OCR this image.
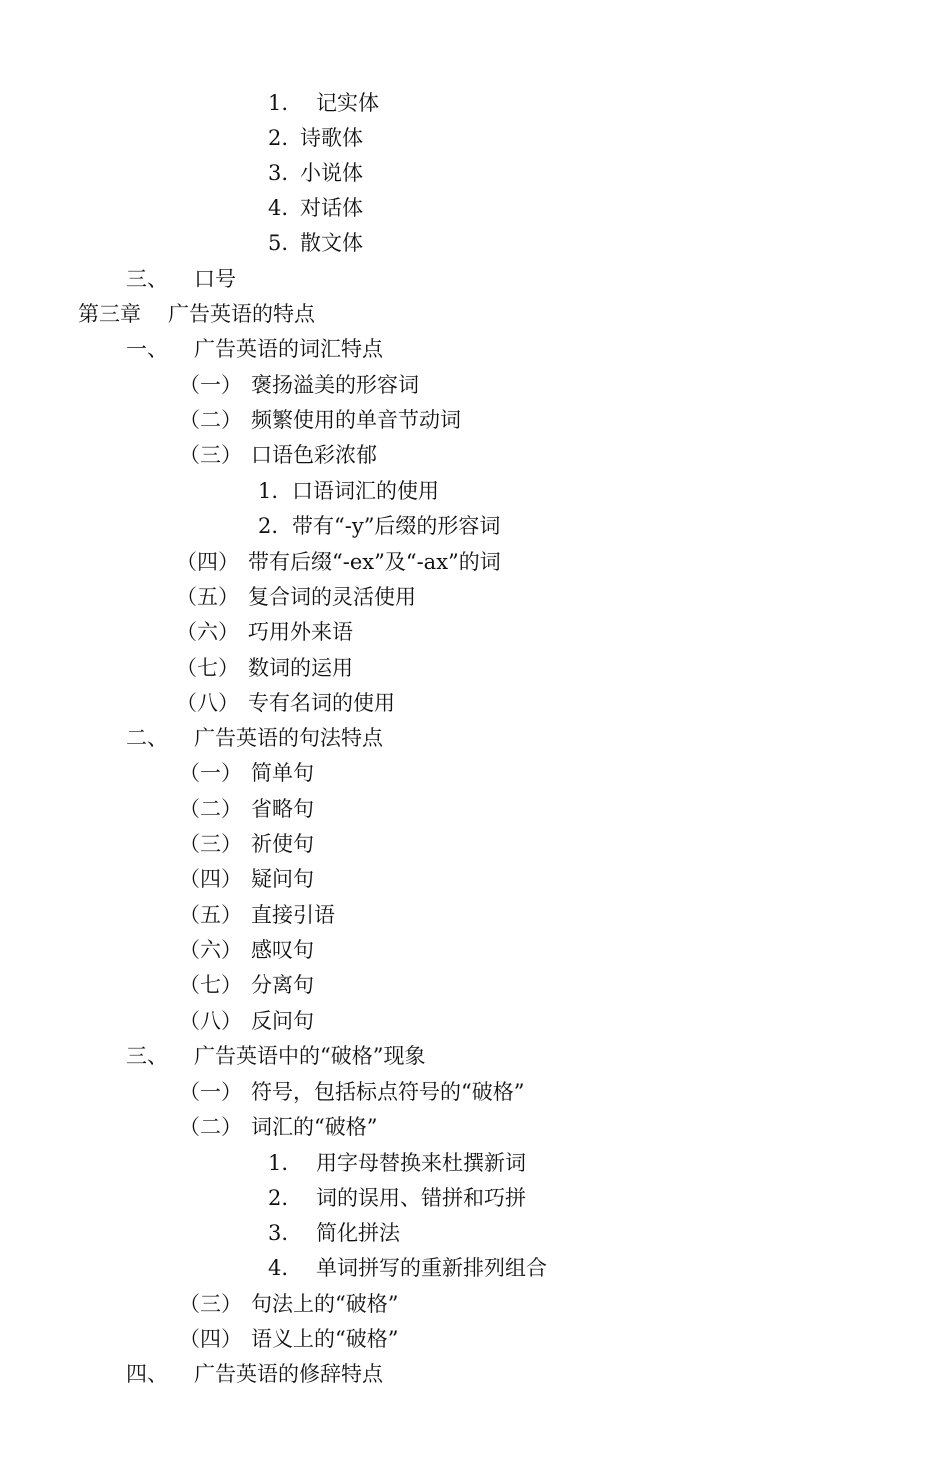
1. 记实体
2. 诗歌体
3. 小说体
4. 对话体
5. 散文体
三、 口号
第三章 广告英语的特点
一、 广告英语的词汇特点
（一） 褒扬溢美的形容词
（二） 频繁使用的单音节动词
（三） 口语色彩浓郁
1. 口语词汇的使用
2. 带有“-y”后缀的形容词
（四） 带有后缀“-ex”及“-ax”的词
（五） 复合词的灵活使用
（六） 巧用外来语
（七） 数词的运用
（八） 专有名词的使用
二、 广告英语的句法特点
（一） 简单句
（二） 省略句
（三） 祈使句
（四） 疑问句
（五） 直接引语
（六） 感叹句
（七） 分离句
（八） 反问句
三、 广告英语中的“破格”现象
（一） 符号，包括标点符号的“破格”
（二） 词汇的“破格”
1. 用字母替换来杜撰新词
2. 词的误用、错拼和巧拼
3. 简化拼法
4. 单词拼写的重新排列组合
（三） 句法上的“破格”
（四） 语义上的“破格”
四、 广告英语的修辞特点
